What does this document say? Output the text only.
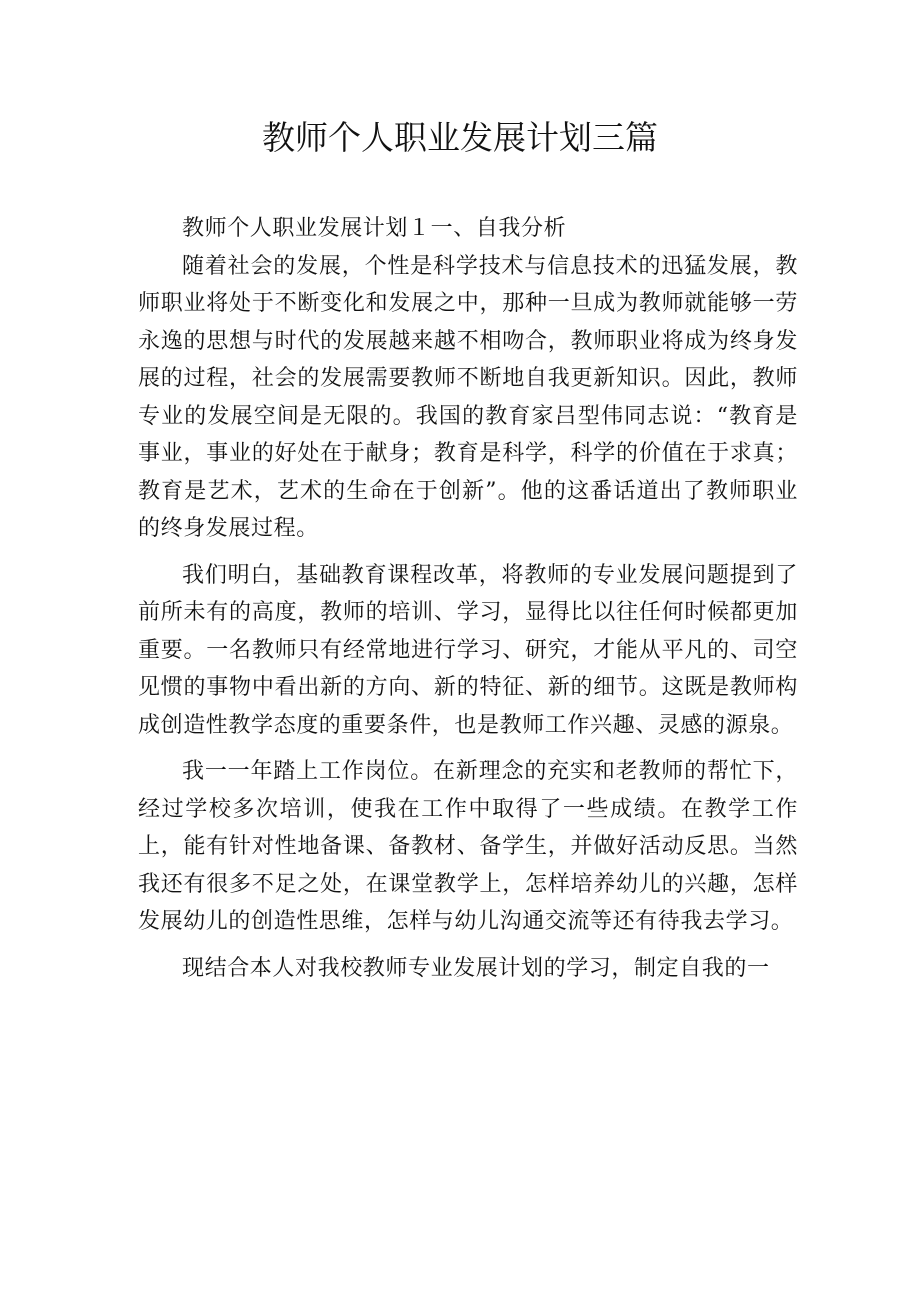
教师个人职业发展计划三篇

教师个人职业发展计划１一、自我分析

随着社会的发展，个性是科学技术与信息技术的迅猛发展，教师职业将处于不断变化和发展之中，那种一旦成为教师就能够一劳永逸的思想与时代的发展越来越不相吻合，教师职业将成为终身发展的过程，社会的发展需要教师不断地自我更新知识。因此，教师专业的发展空间是无限的。我国的教育家吕型伟同志说：“教育是事业，事业的好处在于献身；教育是科学，科学的价值在于求真；教育是艺术，艺术的生命在于创新”。他的这番话道出了教师职业的终身发展过程。

我们明白，基础教育课程改革，将教师的专业发展问题提到了前所未有的高度，教师的培训、学习，显得比以往任何时候都更加重要。一名教师只有经常地进行学习、研究，才能从平凡的、司空见惯的事物中看出新的方向、新的特征、新的细节。这既是教师构成创造性教学态度的重要条件，也是教师工作兴趣、灵感的源泉。

我一一年踏上工作岗位。在新理念的充实和老教师的帮忙下，经过学校多次培训，使我在工作中取得了一些成绩。在教学工作上，能有针对性地备课、备教材、备学生，并做好活动反思。当然我还有很多不足之处，在课堂教学上，怎样培养幼儿的兴趣，怎样发展幼儿的创造性思维，怎样与幼儿沟通交流等还有待我去学习。

现结合本人对我校教师专业发展计划的学习，制定自我的一
